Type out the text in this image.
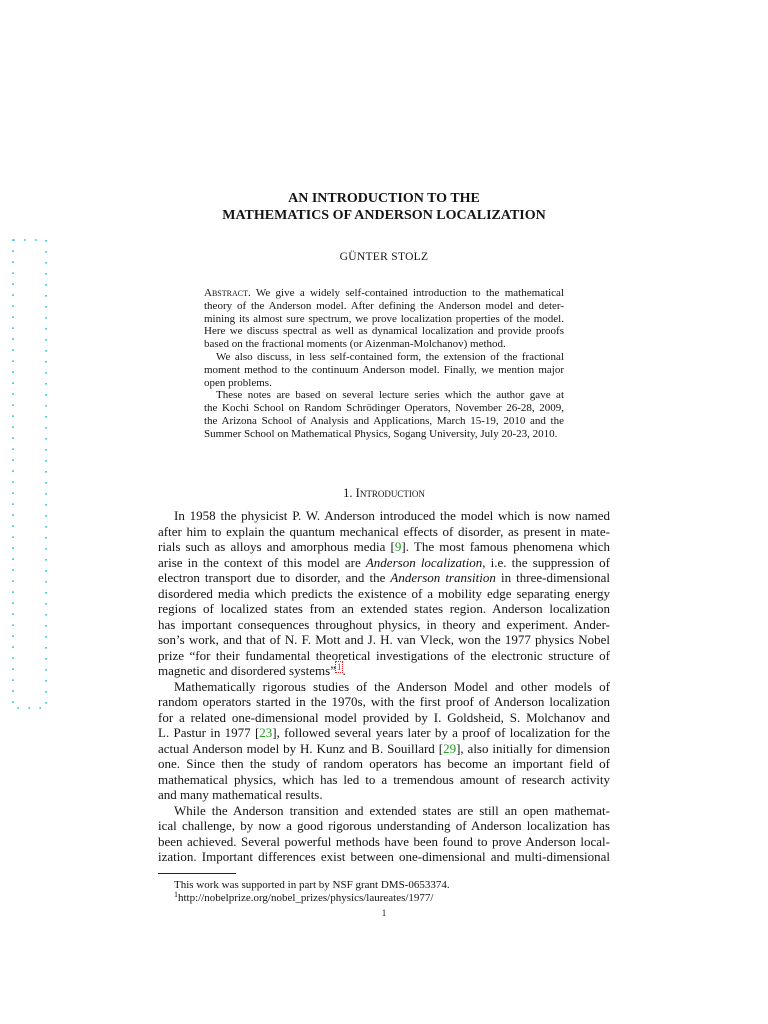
AN INTRODUCTION TO THE
MATHEMATICS OF ANDERSON LOCALIZATION
GÜNTER STOLZ
Abstract. We give a widely self-contained introduction to the mathematical
theory of the Anderson model. After defining the Anderson model and deter-
mining its almost sure spectrum, we prove localization properties of the model.
Here we discuss spectral as well as dynamical localization and provide proofs
based on the fractional moments (or Aizenman-Molchanov) method.
We also discuss, in less self-contained form, the extension of the fractional
moment method to the continuum Anderson model. Finally, we mention major
open problems.
These notes are based on several lecture series which the author gave at
the Kochi School on Random Schrödinger Operators, November 26-28, 2009,
the Arizona School of Analysis and Applications, March 15-19, 2010 and the
Summer School on Mathematical Physics, Sogang University, July 20-23, 2010.
1. Introduction
In 1958 the physicist P. W. Anderson introduced the model which is now named
after him to explain the quantum mechanical effects of disorder, as present in mate-
rials such as alloys and amorphous media [9]. The most famous phenomena which
arise in the context of this model are Anderson localization, i.e. the suppression of
electron transport due to disorder, and the Anderson transition in three-dimensional
disordered media which predicts the existence of a mobility edge separating energy
regions of localized states from an extended states region. Anderson localization
has important consequences throughout physics, in theory and experiment. Ander-
son’s work, and that of N. F. Mott and J. H. van Vleck, won the 1977 physics Nobel
prize “for their fundamental theoretical investigations of the electronic structure of
magnetic and disordered systems”$^1$.
Mathematically rigorous studies of the Anderson Model and other models of
random operators started in the 1970s, with the first proof of Anderson localization
for a related one-dimensional model provided by I. Goldsheid, S. Molchanov and
L. Pastur in 1977 [23], followed several years later by a proof of localization for the
actual Anderson model by H. Kunz and B. Souillard [29], also initially for dimension
one. Since then the study of random operators has become an important field of
mathematical physics, which has led to a tremendous amount of research activity
and many mathematical results.
While the Anderson transition and extended states are still an open mathemat-
ical challenge, by now a good rigorous understanding of Anderson localization has
been achieved. Several powerful methods have been found to prove Anderson local-
ization. Important differences exist between one-dimensional and multi-dimensional
This work was supported in part by NSF grant DMS-0653374.
$^1$http://nobelprize.org/nobel_prizes/physics/laureates/1977/
1
